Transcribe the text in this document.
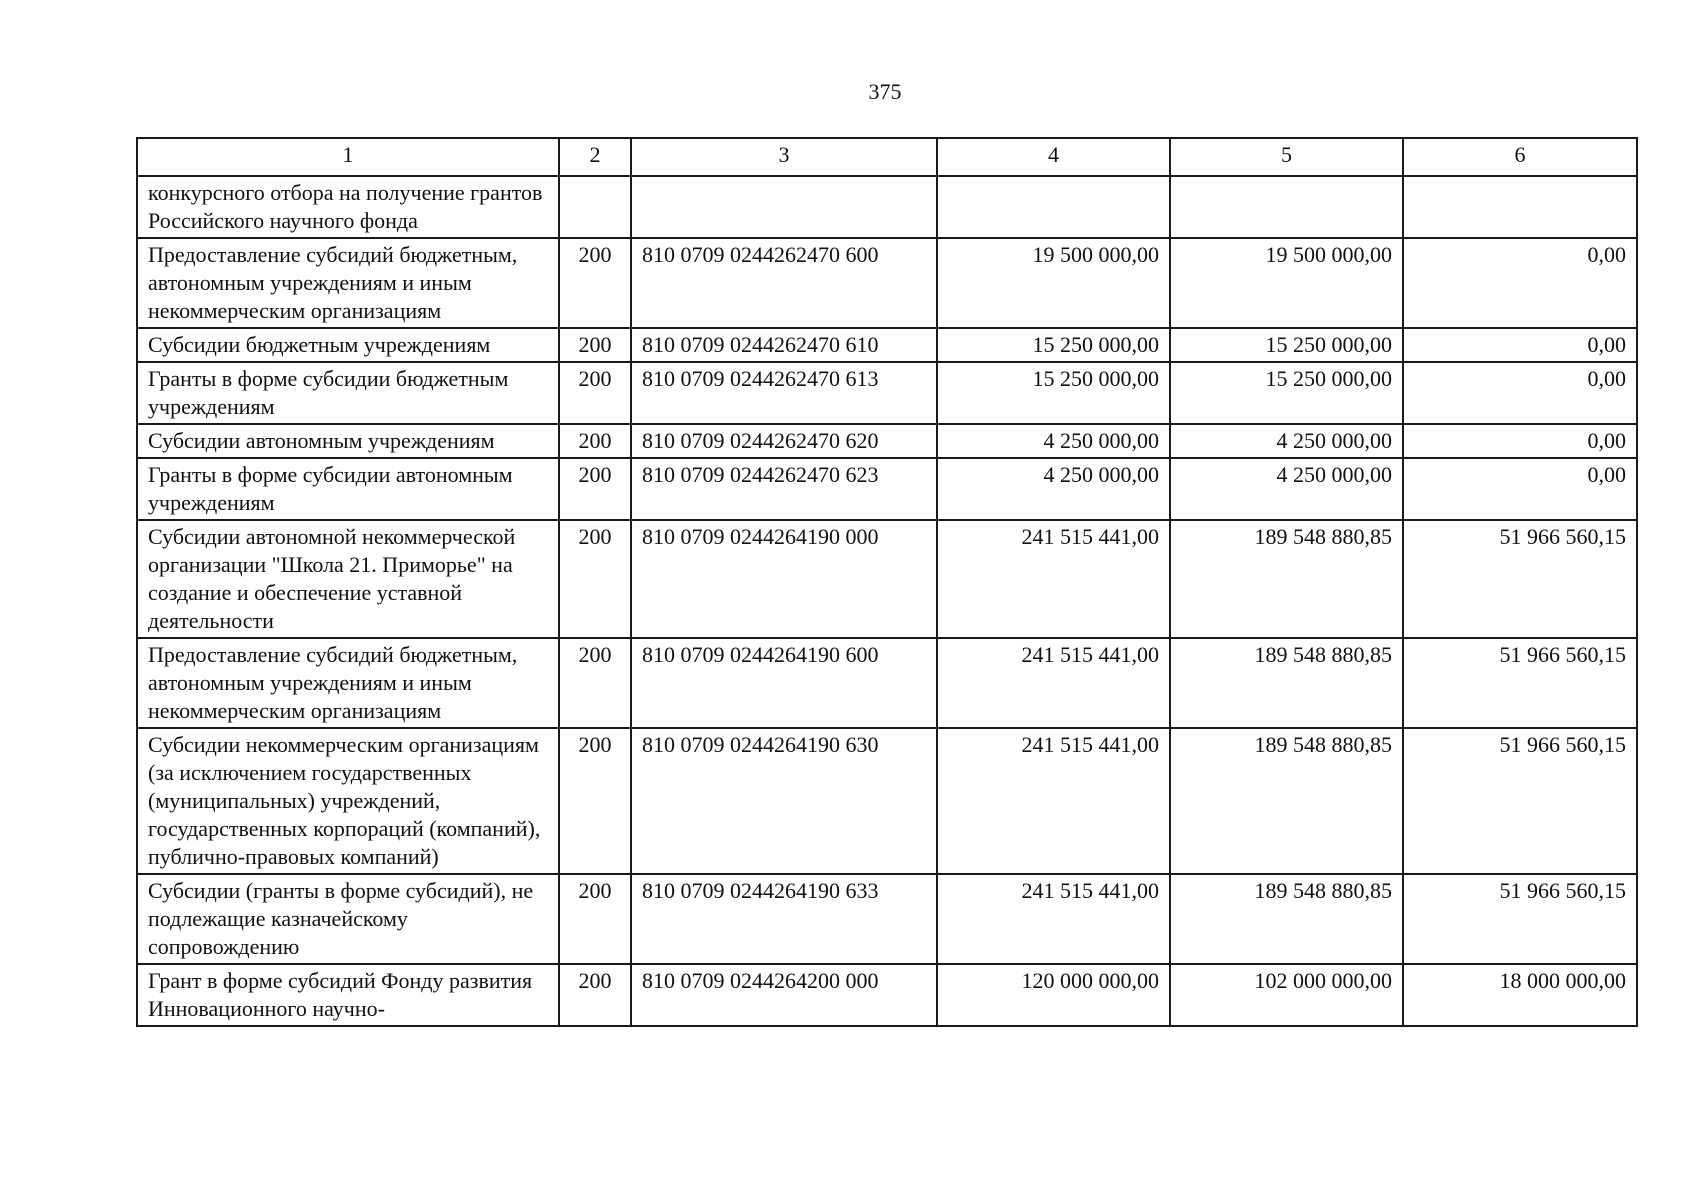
375
1	2	3	4	5	6
конкурсного отбора на получение грантов Российского научного фонда					
Предоставление субсидий бюджетным, автономным учреждениям и иным некоммерческим организациям	200	810 0709 0244262470 600	19 500 000,00	19 500 000,00	0,00
Субсидии бюджетным учреждениям	200	810 0709 0244262470 610	15 250 000,00	15 250 000,00	0,00
Гранты в форме субсидии бюджетным учреждениям	200	810 0709 0244262470 613	15 250 000,00	15 250 000,00	0,00
Субсидии автономным учреждениям	200	810 0709 0244262470 620	4 250 000,00	4 250 000,00	0,00
Гранты в форме субсидии автономным учреждениям	200	810 0709 0244262470 623	4 250 000,00	4 250 000,00	0,00
Субсидии автономной некоммерческой организации "Школа 21. Приморье" на создание и обеспечение уставной деятельности	200	810 0709 0244264190 000	241 515 441,00	189 548 880,85	51 966 560,15
Предоставление субсидий бюджетным, автономным учреждениям и иным некоммерческим организациям	200	810 0709 0244264190 600	241 515 441,00	189 548 880,85	51 966 560,15
Субсидии некоммерческим организациям (за исключением государственных (муниципальных) учреждений, государственных корпораций (компаний), публично-правовых компаний)	200	810 0709 0244264190 630	241 515 441,00	189 548 880,85	51 966 560,15
Субсидии (гранты в форме субсидий), не подлежащие казначейскому сопровождению	200	810 0709 0244264190 633	241 515 441,00	189 548 880,85	51 966 560,15
Грант в форме субсидий Фонду развития Инновационного научно-	200	810 0709 0244264200 000	120 000 000,00	102 000 000,00	18 000 000,00
